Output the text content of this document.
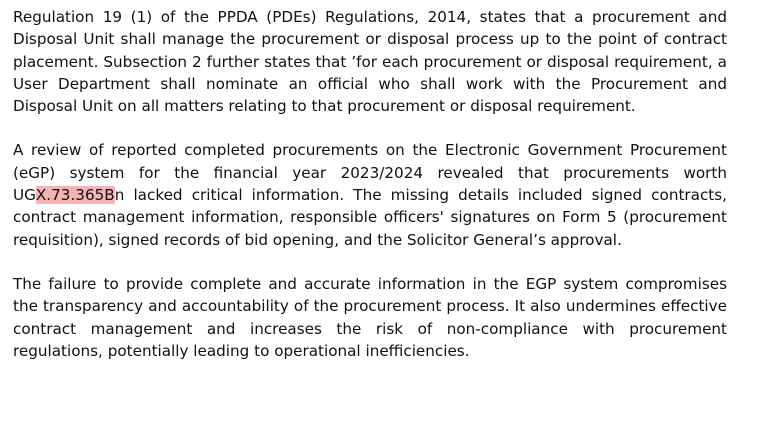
Regulation 19 (1) of the PPDA (PDEs) Regulations, 2014, states that a procurement and Disposal Unit shall manage the procurement or disposal process up to the point of contract placement. Subsection 2 further states that ’for each procurement or disposal requirement, a User Department shall nominate an official who shall work with the Procurement and Disposal Unit on all matters relating to that procurement or disposal requirement.

A review of reported completed procurements on the Electronic Government Procurement (eGP) system for the financial year 2023/2024 revealed that procurements worth UGX.73.365Bn lacked critical information. The missing details included signed contracts, contract management information, responsible officers' signatures on Form 5 (procurement requisition), signed records of bid opening, and the Solicitor General’s approval.

The failure to provide complete and accurate information in the EGP system compromises the transparency and accountability of the procurement process. It also undermines effective contract management and increases the risk of non-compliance with procurement regulations, potentially leading to operational inefficiencies.
